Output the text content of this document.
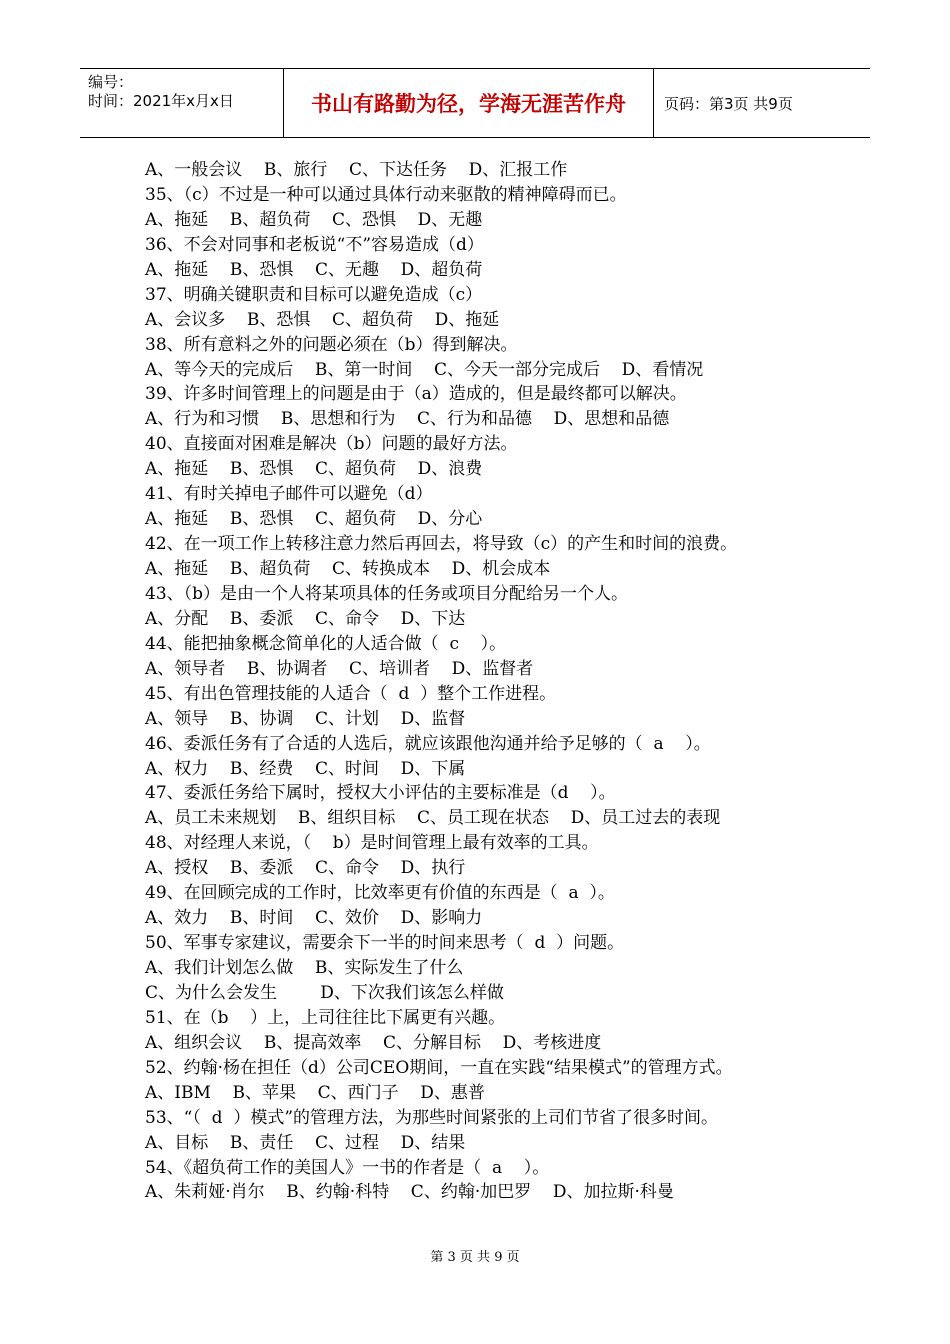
编号：
时间：2021年x月x日	书山有路勤为径，学海无涯苦作舟	页码：第3页 共9页
A、一般会议    B、旅行    C、下达任务    D、汇报工作
35、（c）不过是一种可以通过具体行动来驱散的精神障碍而已。
A、拖延    B、超负荷    C、恐惧    D、无趣
36、不会对同事和老板说“不”容易造成（d）
A、拖延    B、恐惧    C、无趣    D、超负荷
37、明确关键职责和目标可以避免造成（c）
A、会议多    B、恐惧    C、超负荷    D、拖延
38、所有意料之外的问题必须在（b）得到解决。
A、等今天的完成后    B、第一时间    C、今天一部分完成后    D、看情况
39、许多时间管理上的问题是由于（a）造成的，但是最终都可以解决。
A、行为和习惯    B、思想和行为    C、行为和品德    D、思想和品德
40、直接面对困难是解决（b）问题的最好方法。
A、拖延    B、恐惧    C、超负荷    D、浪费
41、有时关掉电子邮件可以避免（d）
A、拖延    B、恐惧    C、超负荷    D、分心
42、在一项工作上转移注意力然后再回去，将导致（c）的产生和时间的浪费。
A、拖延    B、超负荷    C、转换成本    D、机会成本
43、（b）是由一个人将某项具体的任务或项目分配给另一个人。
A、分配    B、委派    C、命令    D、下达
44、能把抽象概念简单化的人适合做（  c    ）。
A、领导者    B、协调者    C、培训者    D、监督者
45、有出色管理技能的人适合（  d  ）整个工作进程。
A、领导    B、协调    C、计划    D、监督
46、委派任务有了合适的人选后，就应该跟他沟通并给予足够的（  a    ）。
A、权力    B、经费    C、时间    D、下属
47、委派任务给下属时，授权大小评估的主要标准是（d    ）。
A、员工未来规划    B、组织目标    C、员工现在状态    D、员工过去的表现
48、对经理人来说，（    b）是时间管理上最有效率的工具。
A、授权    B、委派    C、命令    D、执行
49、在回顾完成的工作时，比效率更有价值的东西是（  a  ）。
A、效力    B、时间    C、效价    D、影响力
50、军事专家建议，需要余下一半的时间来思考（  d  ）问题。
A、我们计划怎么做    B、实际发生了什么
C、为什么会发生        D、下次我们该怎么样做
51、在（b    ）上，上司往往比下属更有兴趣。
A、组织会议    B、提高效率    C、分解目标    D、考核进度
52、约翰·杨在担任（d）公司CEO期间，一直在实践“结果模式”的管理方式。
A、IBM    B、苹果    C、西门子    D、惠普
53、“（  d  ）模式”的管理方法，为那些时间紧张的上司们节省了很多时间。
A、目标    B、责任    C、过程    D、结果
54、《超负荷工作的美国人》一书的作者是（  a    ）。
A、朱莉娅·肖尔    B、约翰·科特    C、约翰·加巴罗    D、加拉斯·科曼
第 3 页 共 9 页
